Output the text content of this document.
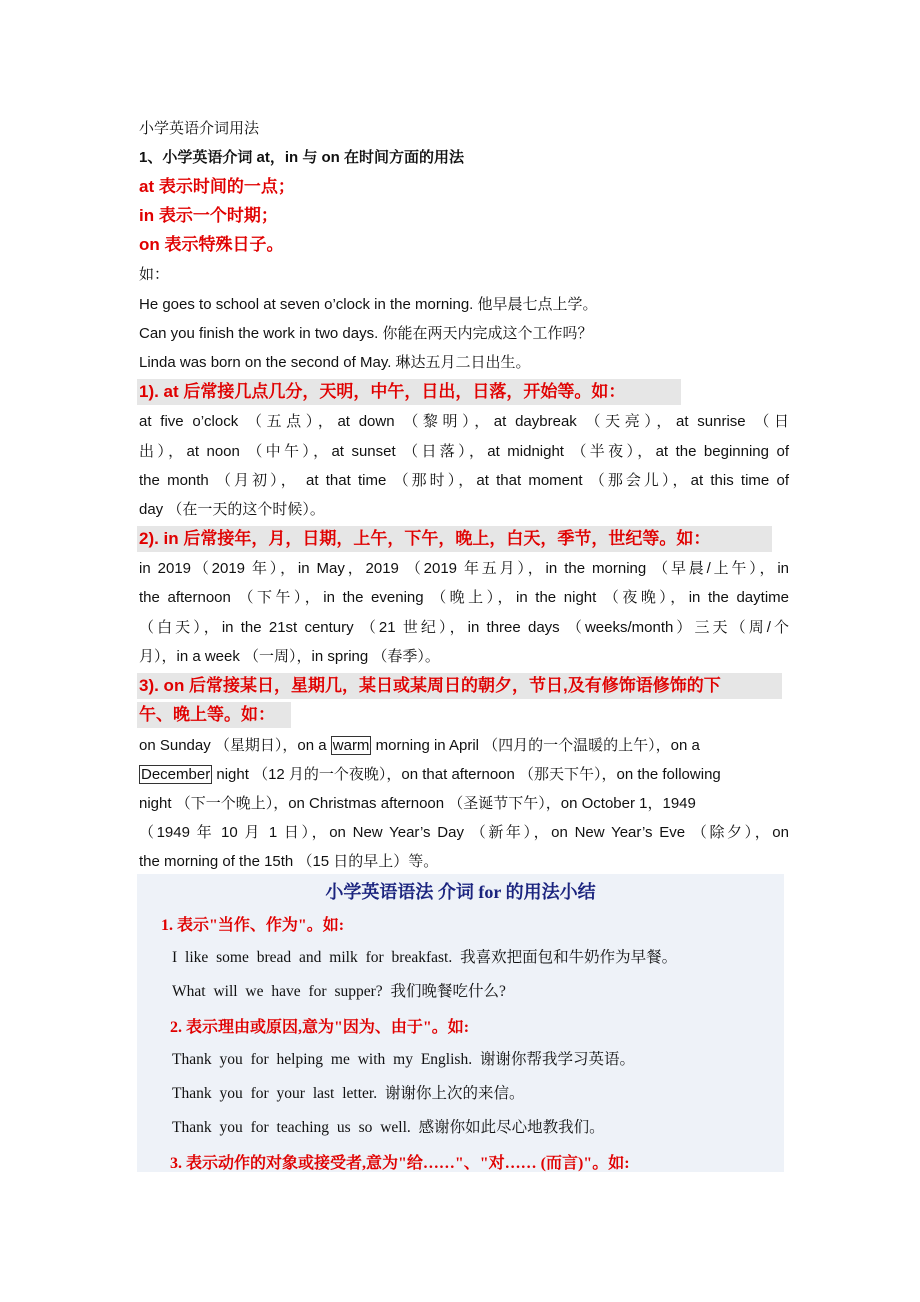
小学英语介词用法
1、小学英语介词 at，in 与 on 在时间方面的用法
at 表示时间的一点；
in 表示一个时期；
on 表示特殊日子。
如：
He goes to school at seven o’clock in the morning. 他早晨七点上学。
Can you finish the work in two days. 你能在两天内完成这个工作吗？
Linda was born on the second of May. 琳达五月二日出生。
1). at 后常接几点几分，天明，中午，日出，日落，开始等。如：
at five o’clock （五点），at down （黎明），at daybreak （天亮），at sunrise （日
出），at noon （中午），at sunset （日落），at midnight （半夜），at the beginning of
the month （月初）， at that time （那时），at that moment （那会儿），at this time of
day （在一天的这个时候）。
2). in 后常接年，月，日期，上午，下午，晚上，白天，季节，世纪等。如：
in 2019（2019 年），in May，2019 （2019 年五月），in the morning （早晨/上午），in
the afternoon （下午），in the evening （晚上），in the night （夜晚），in the daytime
（白天），in the 21st century （21 世纪），in three days （weeks/month）三天（周/个
月），in a week （一周），in spring （春季）。
3). on 后常接某日，星期几，某日或某周日的朝夕，节日,及有修饰语修饰的下
午、晚上等。如：
on Sunday （星期日），on a warm morning in April （四月的一个温暖的上午），on a
December night （12 月的一个夜晚），on that afternoon （那天下午），on the following
night （下一个晚上），on Christmas afternoon （圣诞节下午），on October 1，1949
（1949 年 10 月 1 日），on New Year’s Day （新年），on New Year’s Eve （除夕），on
the morning of the 15th （15 日的早上）等。
小学英语语法 介词 for 的用法小结
1. 表示"当作、作为"。如:
I like some bread and milk for breakfast. 我喜欢把面包和牛奶作为早餐。
What will we have for supper? 我们晚餐吃什么?
2. 表示理由或原因,意为"因为、由于"。如:
Thank you for helping me with my English. 谢谢你帮我学习英语。
Thank you for your last letter. 谢谢你上次的来信。
Thank you for teaching us so well. 感谢你如此尽心地教我们。
3. 表示动作的对象或接受者,意为"给……"、"对…… (而言)"。如:
